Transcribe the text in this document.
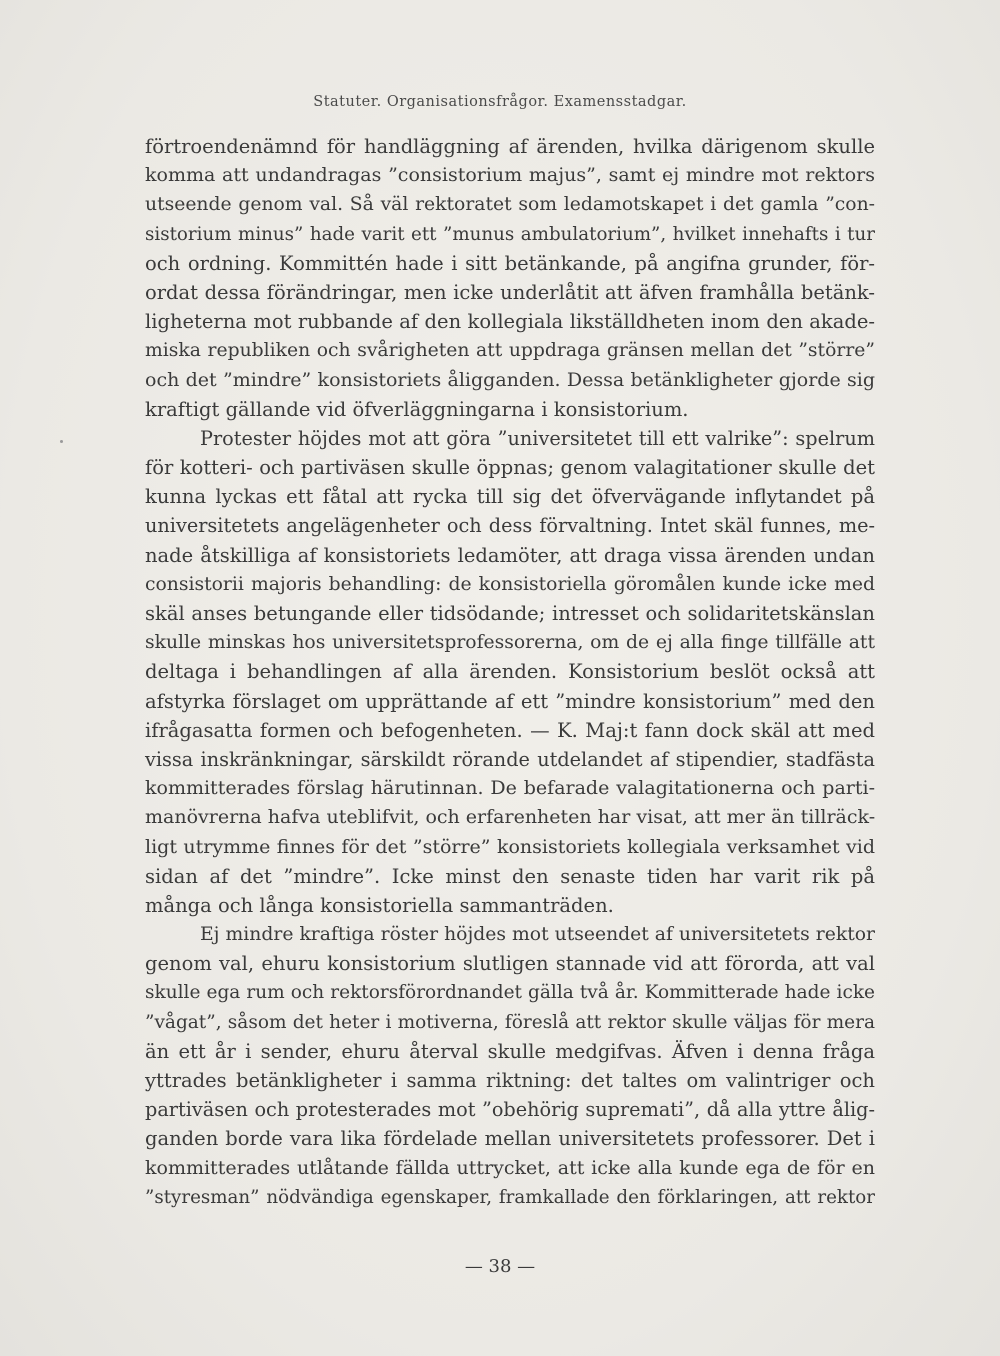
Statuter. Organisationsfrågor. Examensstadgar.
förtroendenämnd för handläggning af ärenden, hvilka därigenom skulle
komma att undandragas ”consistorium majus”, samt ej mindre mot rektors
utseende genom val. Så väl rektoratet som ledamotskapet i det gamla ”con-
sistorium minus” hade varit ett ”munus ambulatorium”, hvilket innehafts i tur
och ordning. Kommittén hade i sitt betänkande, på angifna grunder, för-
ordat dessa förändringar, men icke underlåtit att äfven framhålla betänk-
ligheterna mot rubbande af den kollegiala likställdheten inom den akade-
miska republiken och svårigheten att uppdraga gränsen mellan det ”större”
och det ”mindre” konsistoriets åligganden. Dessa betänkligheter gjorde sig
kraftigt gällande vid öfverläggningarna i konsistorium.
Protester höjdes mot att göra ”universitetet till ett valrike”: spelrum
för kotteri- och partiväsen skulle öppnas; genom valagitationer skulle det
kunna lyckas ett fåtal att rycka till sig det öfvervägande inflytandet på
universitetets angelägenheter och dess förvaltning. Intet skäl funnes, me-
nade åtskilliga af konsistoriets ledamöter, att draga vissa ärenden undan
consistorii majoris behandling: de konsistoriella göromålen kunde icke med
skäl anses betungande eller tidsödande; intresset och solidaritetskänslan
skulle minskas hos universitetsprofessorerna, om de ej alla finge tillfälle att
deltaga i behandlingen af alla ärenden. Konsistorium beslöt också att
afstyrka förslaget om upprättande af ett ”mindre konsistorium” med den
ifrågasatta formen och befogenheten. — K. Maj:t fann dock skäl att med
vissa inskränkningar, särskildt rörande utdelandet af stipendier, stadfästa
kommitterades förslag härutinnan. De befarade valagitationerna och parti-
manövrerna hafva uteblifvit, och erfarenheten har visat, att mer än tillräck-
ligt utrymme finnes för det ”större” konsistoriets kollegiala verksamhet vid
sidan af det ”mindre”. Icke minst den senaste tiden har varit rik på
många och långa konsistoriella sammanträden.
Ej mindre kraftiga röster höjdes mot utseendet af universitetets rektor
genom val, ehuru konsistorium slutligen stannade vid att förorda, att val
skulle ega rum och rektorsförordnandet gälla två år. Kommitterade hade icke
”vågat”, såsom det heter i motiverna, föreslå att rektor skulle väljas för mera
än ett år i sender, ehuru återval skulle medgifvas. Äfven i denna fråga
yttrades betänkligheter i samma riktning: det taltes om valintriger och
partiväsen och protesterades mot ”obehörig suprematі”, då alla yttre ålig-
ganden borde vara lika fördelade mellan universitetets professorer. Det i
kommitterades utlåtande fällda uttrycket, att icke alla kunde ega de för en
”styresman” nödvändiga egenskaper, framkallade den förklaringen, att rektor
— 38 —
